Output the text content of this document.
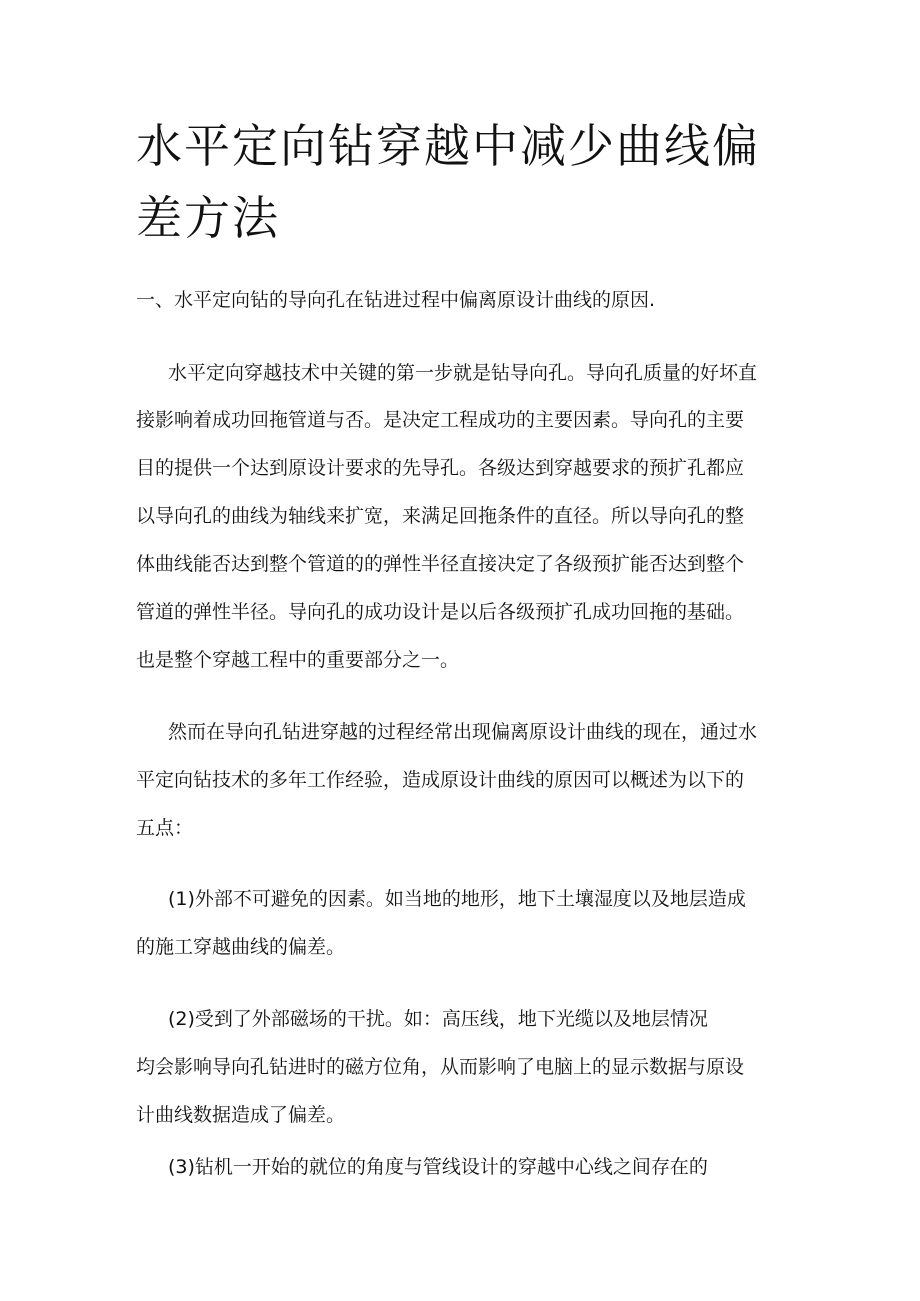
水平定向钻穿越中减少曲线偏差方法

一、水平定向钻的导向孔在钻进过程中偏离原设计曲线的原因.

水平定向穿越技术中关键的第一步就是钻导向孔。导向孔质量的好坏直

接影响着成功回拖管道与否。是决定工程成功的主要因素。导向孔的主要

目的提供一个达到原设计要求的先导孔。各级达到穿越要求的预扩孔都应

以导向孔的曲线为轴线来扩宽，来满足回拖条件的直径。所以导向孔的整

体曲线能否达到整个管道的的弹性半径直接决定了各级预扩能否达到整个

管道的弹性半径。导向孔的成功设计是以后各级预扩孔成功回拖的基础。

也是整个穿越工程中的重要部分之一。

然而在导向孔钻进穿越的过程经常出现偏离原设计曲线的现在，通过水

平定向钻技术的多年工作经验，造成原设计曲线的原因可以概述为以下的

五点：

(1)外部不可避免的因素。如当地的地形，地下土壤湿度以及地层造成

的施工穿越曲线的偏差。

(2)受到了外部磁场的干扰。如：高压线，地下光缆以及地层情况

均会影响导向孔钻进时的磁方位角，从而影响了电脑上的显示数据与原设

计曲线数据造成了偏差。

(3)钻机一开始的就位的角度与管线设计的穿越中心线之间存在的
